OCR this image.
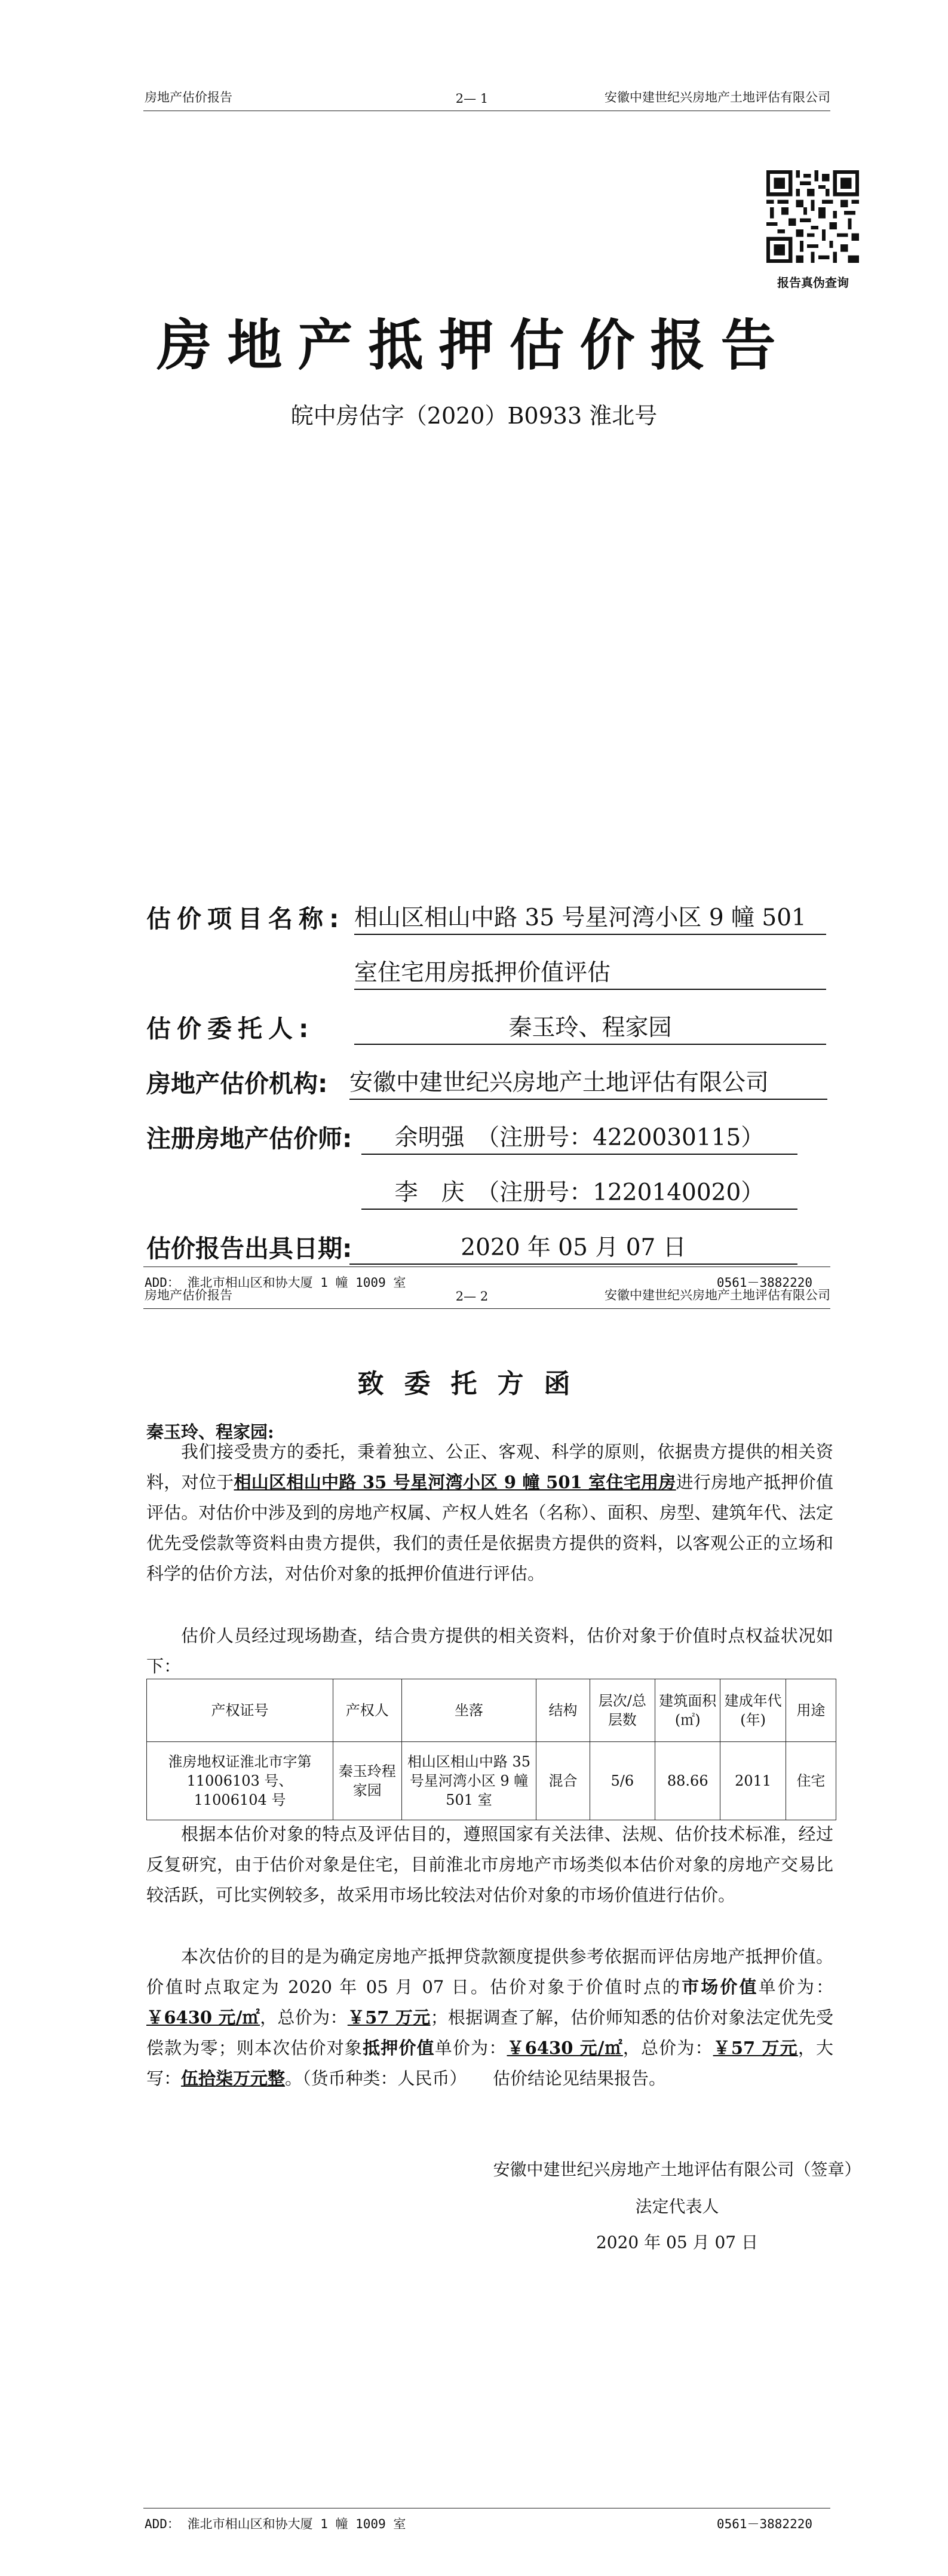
房地产估价报告	2— 1	安徽中建世纪兴房地产土地评估有限公司
报告真伪查询
房地产抵押估价报告
皖中房估字（2020）B0933 淮北号
估价项目名称: 相山区相山中路 35 号星河湾小区 9 幢 501
室住宅用房抵押价值评估
估价委托人:	秦玉玲、程家园
房地产估价机构: 安徽中建世纪兴房地产土地评估有限公司
注册房地产估价师:	余明强　（注册号：4220030115）
李　庆　（注册号：1220140020）
估价报告出具日期:	2020 年 05 月 07 日
ADD： 淮北市相山区和协大厦 1 幢 1009 室	0561－3882220
房地产估价报告	2— 2	安徽中建世纪兴房地产土地评估有限公司
致委托方函
秦玉玲、程家园:

我们接受贵方的委托，秉着独立、公正、客观、科学的原则，依据贵方提供的相关资料，对位于相山区相山中路 35 号星河湾小区 9 幢 501 室住宅用房进行房地产抵押价值评估。对估价中涉及到的房地产权属、产权人姓名（名称）、面积、房型、建筑年代、法定优先受偿款等资料由贵方提供，我们的责任是依据贵方提供的资料，以客观公正的立场和科学的估价方法，对估价对象的抵押价值进行评估。

估价人员经过现场勘查，结合贵方提供的相关资料，估价对象于价值时点权益状况如下：

产权证号	产权人	坐落	结构	层次/总层数	建筑面积(㎡)	建成年代(年)	用途
淮房地权证淮北市字第 11006103 号、11006104 号	秦玉玲程家园	相山区相山中路 35 号星河湾小区 9 幢 501 室	混合	5/6	88.66	2011	住宅

根据本估价对象的特点及评估目的，遵照国家有关法律、法规、估价技术标准，经过反复研究，由于估价对象是住宅，目前淮北市房地产市场类似本估价对象的房地产交易比较活跃，可比实例较多，故采用市场比较法对估价对象的市场价值进行估价。

本次估价的目的是为确定房地产抵押贷款额度提供参考依据而评估房地产抵押价值。价值时点取定为 2020 年 05 月 07 日。估价对象于价值时点的市场价值单价为：￥6430 元/㎡，总价为：￥57 万元；根据调查了解，估价师知悉的估价对象法定优先受偿款为零；则本次估价对象抵押价值单价为：￥6430 元/㎡，总价为：￥57 万元，大写：伍拾柒万元整。（货币种类：人民币）　　估价结论见结果报告。

安徽中建世纪兴房地产土地评估有限公司（签章）
法定代表人
2020 年 05 月 07 日
ADD： 淮北市相山区和协大厦 1 幢 1009 室	0561－3882220
